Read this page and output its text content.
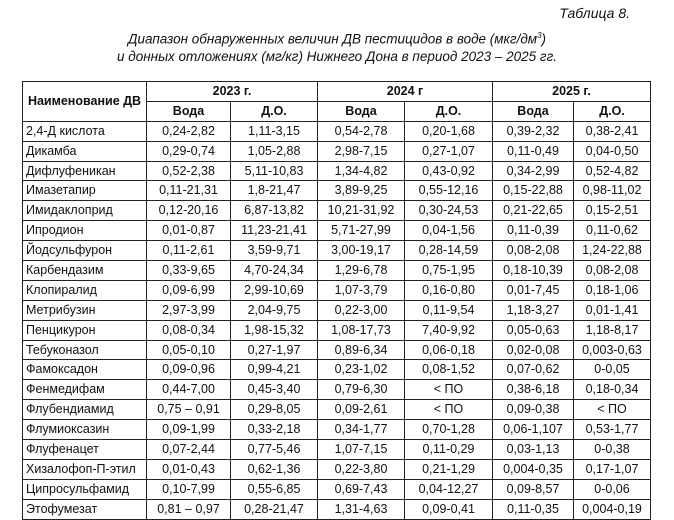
Таблица 8.
Диапазон обнаруженных величин ДВ пестицидов в воде $(мкг/дм^3)$
и донных отложениях (мг/кг) Нижнего Дона в период 2023 – 2025 гг.
Наименование ДВ	2023 г.		2024 г		2025 г.	
	Вода	Д.О.	Вода	Д.О.	Вода	Д.О.
2,4-Д кислота	0,24-2,82	1,11-3,15	0,54-2,78	0,20-1,68	0,39-2,32	0,38-2,41
Дикамба	0,29-0,74	1,05-2,88	2,98-7,15	0,27-1,07	0,11-0,49	0,04-0,50
Дифлуфеникан	0,52-2,38	5,11-10,83	1,34-4,82	0,43-0,92	0,34-2,99	0,52-4,82
Имазетапир	0,11-21,31	1,8-21,47	3,89-9,25	0,55-12,16	0,15-22,88	0,98-11,02
Имидаклоприд	0,12-20,16	6,87-13,82	10,21-31,92	0,30-24,53	0,21-22,65	0,15-2,51
Ипродион	0,01-0,87	11,23-21,41	5,71-27,99	0,04-1,56	0,11-0,39	0,11-0,62
Йодсульфурон	0,11-2,61	3,59-9,71	3,00-19,17	0,28-14,59	0,08-2,08	1,24-22,88
Карбендазим	0,33-9,65	4,70-24,34	1,29-6,78	0,75-1,95	0,18-10,39	0,08-2,08
Клопиралид	0,09-6,99	2,99-10,69	1,07-3,79	0,16-0,80	0,01-7,45	0,18-1,06
Метрибузин	2,97-3,99	2,04-9,75	0,22-3,00	0,11-9,54	1,18-3,27	0,01-1,41
Пенцикурон	0,08-0,34	1,98-15,32	1,08-17,73	7,40-9,92	0,05-0,63	1,18-8,17
Тебуконазол	0,05-0,10	0,27-1,97	0,89-6,34	0,06-0,18	0,02-0,08	0,003-0,63
Фамоксадон	0,09-0,96	0,99-4,21	0,23-1,02	0,08-1,52	0,07-0,62	0-0,05
Фенмедифам	0,44-7,00	0,45-3,40	0,79-6,30	< ПО	0,38-6,18	0,18-0,34
Флубендиамид	0,75 – 0,91	0,29-8,05	0,09-2,61	< ПО	0,09-0,38	< ПО
Флумиоксазин	0,09-1,99	0,33-2,18	0,34-1,77	0,70-1,28	0,06-1,107	0,53-1,77
Флуфенацет	0,07-2,44	0,77-5,46	1,07-7,15	0,11-0,29	0,03-1,13	0-0,38
Хизалофоп-П-этил	0,01-0,43	0,62-1,36	0,22-3,80	0,21-1,29	0,004-0,35	0,17-1,07
Ципросульфамид	0,10-7,99	0,55-6,85	0,69-7,43	0,04-12,27	0,09-8,57	0-0,06
Этофумезат	0,81 – 0,97	0,28-21,47	1,31-4,63	0,09-0,41	0,11-0,35	0,004-0,19
